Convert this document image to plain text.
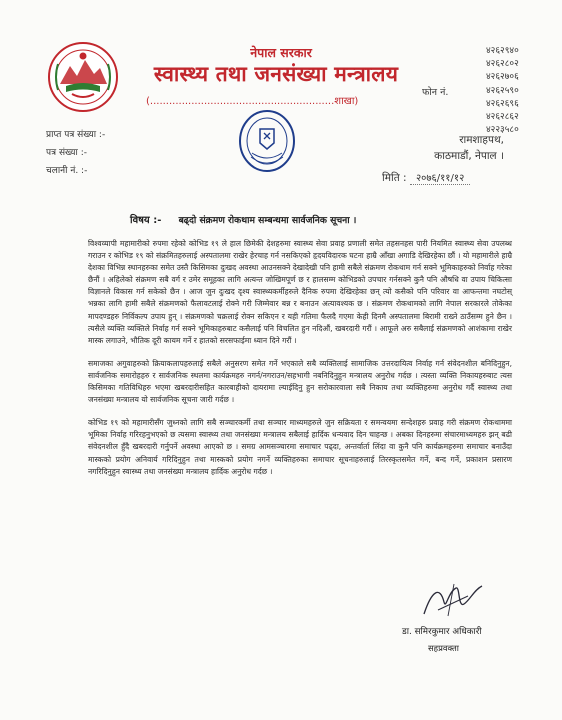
नेपाल सरकार
स्वास्थ्य तथा जनसंख्या मन्त्रालय
(..........................................................शाखा)
फोन नं.
४२६२९४०
४२६२८०२
४२६२७०६
४२६२५९०
४२६२६९६
४२६२८६२
४२२३५८०
प्राप्त पत्र संख्या :-
पत्र संख्या :-
चलानी नं. :-
रामशाहपथ,
काठमाडौं, नेपाल ।
मिति : २०७६/११/१२
विषय :- बढ्दो संक्रमण रोकथाम सम्बन्धमा सार्वजनिक सूचना ।

विश्वव्यापी महामारीको रुपमा रहेको कोभिड १९ ले हाल छिमेकी देशहरुमा स्वास्थ्य सेवा प्रवाह प्रणाली समेत तहसनहस पारी नियमित स्वास्थ्य सेवा उपलब्ध गराउन र कोभिड १९ को संक्रमितहरुलाई अस्पतालमा राखेर हेरचाह गर्न नसकिएको हृदयविदारक घटना हाम्रै आँखा अगाडि देखिरहेका छौं । यो महामारीले हाम्रै देशका विभिन्न स्थानहरुका समेत उस्तै किसिमका दुःखद अवस्था आउनसक्ने देखादेखी पनि हामी सबैले संक्रमण रोकथाम गर्न सक्ने भूमिकाहरुको निर्वाह गरेका छैनौं । अहिलेको संक्रमण सबै वर्ग र उमेर समूहका लागि अत्यन्त जोखिमपूर्ण छ र हालसम्म कोभिडको उपचार गर्नसक्ने कुनै पनि औषधि वा उपाय चिकित्सा विज्ञानले विकास गर्न सकेको छैन । आज जुन दुःखद दृश्य स्वास्थ्यकर्मीहरुले दैनिक रुपमा देखिरहेका छन् त्यो कसैको पनि परिवार वा आफन्तमा नघटोस् भन्नका लागि हामी सबैले संक्रमणको फैलावटलाई रोक्ने गरी जिम्मेवार बन्न र बनाउन अत्यावश्यक छ । संक्रमण रोकथामको लागि नेपाल सरकारले तोकेका मापदण्डहरु निर्विकल्प उपाय हुन् । संक्रमणको चक्रलाई रोक्न सकिएन र यही गतिमा फैलदै गएमा केही दिनमै अस्पतालमा बिरामी राख्ने ठाउँसम्म हुने छैन । त्यसैले व्यक्ति व्यक्तिले निर्वाह गर्न सक्ने भूमिकाहरुबाट कसैलाई पनि विचलित हुन नदिऔं, खबरदारी गरौं । आफूले अरु सबैलाई संक्रमणको आशंकामा राखेर मास्क लगाउने, भौतिक दूरी कायम गर्ने र हातको सरसफाईमा ध्यान दिने गरौं ।

समाजका अगुवाहरुको क्रियाकलापहरुलाई सबैले अनुसरण समेत गर्ने भएकाले सबै व्यक्तिलाई सामाजिक उत्तरदायित्व निर्वाह गर्न संवेदनशील बनिदिनुहुन, सार्वजनिक समारोहहरु र सार्वजनिक स्थलमा कार्यक्रमहरु नगर्न/नगराउन/सहभागी नबनिदिनुहुन मन्त्रालय अनुरोध गर्दछ । त्यस्ता व्यक्ति निकायहरुबाट त्यस किसिमका गतिविधिहरु भएमा खबरदारीसहित कारबाहीको दायरामा ल्याईदिनु हुन सरोकारवाला सबै निकाय तथा व्यक्तिहरुमा अनुरोध गर्दै स्वास्थ्य तथा जनसंख्या मन्त्रालय यो सार्वजनिक सूचना जारी गर्दछ ।

कोभिड १९ को महामारीसँग जुध्नको लागि सबै सञ्चारकर्मी तथा सञ्चार माध्यमहरुले जुन सक्रियता र समन्वयमा सन्देशहरु प्रवाह गरी संक्रमण रोकथाममा भूमिका निर्वाह गरिरहनुभएको छ त्यसमा स्वास्थ्य तथा जनसंख्या मन्त्रालय सबैलाई हार्दिक धन्यवाद दिन चाहन्छ । अबका दिनहरुमा संचारमाध्यमहरु झन् बढी संवेदनशील हुँदै खबरदारी गर्नुपर्ने अवस्था आएको छ । समग्र आमसञ्चारमा समाचार पढ्दा, अन्तर्वार्ता लिंदा वा कुनै पनि कार्यक्रमहरुमा समाचार बनाउँदा मास्कको प्रयोग अनिवार्य गरिदिनुहुन तथा मास्कको प्रयोग नगर्ने व्यक्तिहरुका समाचार सूचनाहरुलाई तिरस्कृतसमेत गर्ने, बन्द गर्ने, प्रकाशन प्रसारण नगरिदिनुहुन स्वास्थ्य तथा जनसंख्या मन्त्रालय हार्दिक अनुरोध गर्दछ ।

डा. समिरकुमार अधिकारी
सहप्रवक्ता
